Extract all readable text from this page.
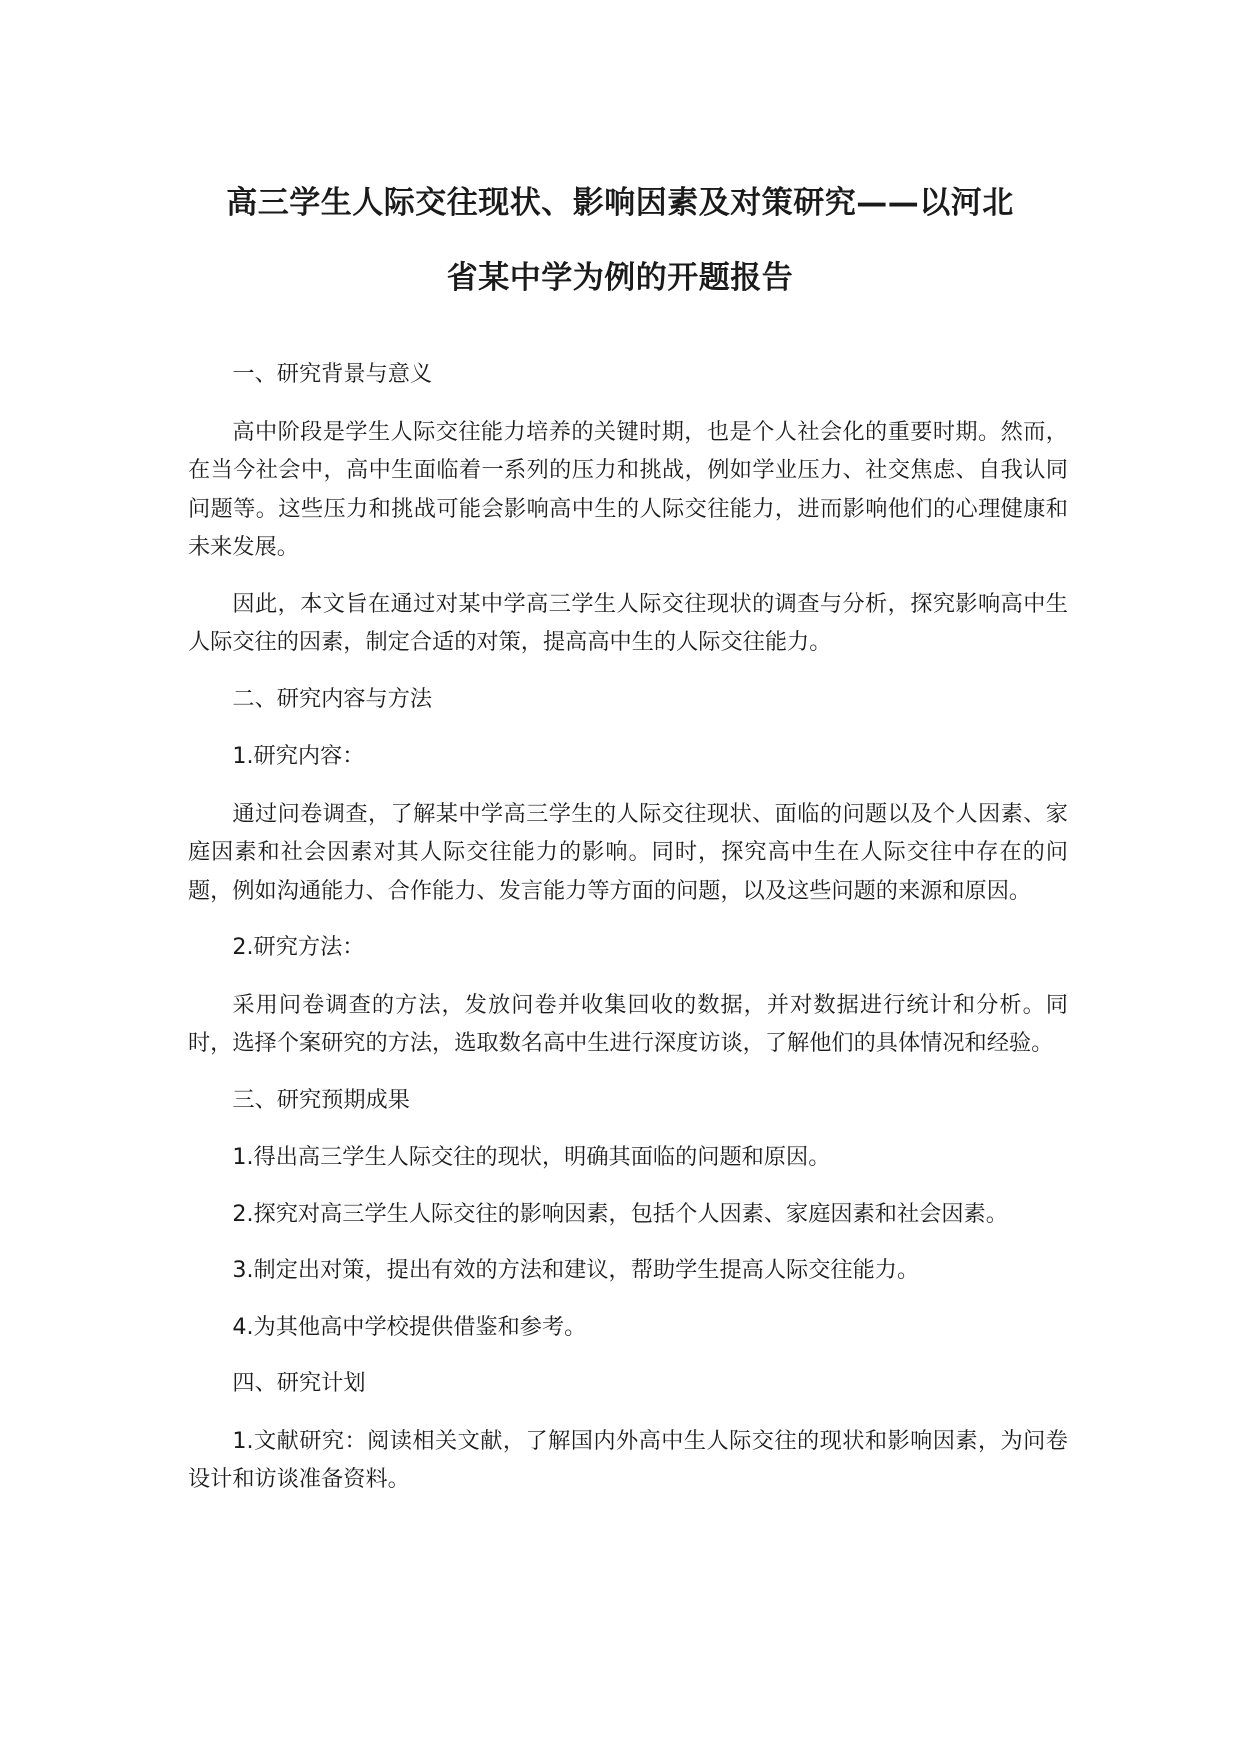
高三学生人际交往现状、影响因素及对策研究——以河北
省某中学为例的开题报告

一、研究背景与意义

高中阶段是学生人际交往能力培养的关键时期，也是个人社会化的重要时期。然而，在当今社会中，高中生面临着一系列的压力和挑战，例如学业压力、社交焦虑、自我认同问题等。这些压力和挑战可能会影响高中生的人际交往能力，进而影响他们的心理健康和未来发展。

因此，本文旨在通过对某中学高三学生人际交往现状的调查与分析，探究影响高中生人际交往的因素，制定合适的对策，提高高中生的人际交往能力。

二、研究内容与方法

1.研究内容：

通过问卷调查，了解某中学高三学生的人际交往现状、面临的问题以及个人因素、家庭因素和社会因素对其人际交往能力的影响。同时，探究高中生在人际交往中存在的问题，例如沟通能力、合作能力、发言能力等方面的问题，以及这些问题的来源和原因。

2.研究方法：

采用问卷调查的方法，发放问卷并收集回收的数据，并对数据进行统计和分析。同时，选择个案研究的方法，选取数名高中生进行深度访谈，了解他们的具体情况和经验。

三、研究预期成果

1.得出高三学生人际交往的现状，明确其面临的问题和原因。

2.探究对高三学生人际交往的影响因素，包括个人因素、家庭因素和社会因素。

3.制定出对策，提出有效的方法和建议，帮助学生提高人际交往能力。

4.为其他高中学校提供借鉴和参考。

四、研究计划

1.文献研究：阅读相关文献，了解国内外高中生人际交往的现状和影响因素，为问卷设计和访谈准备资料。
